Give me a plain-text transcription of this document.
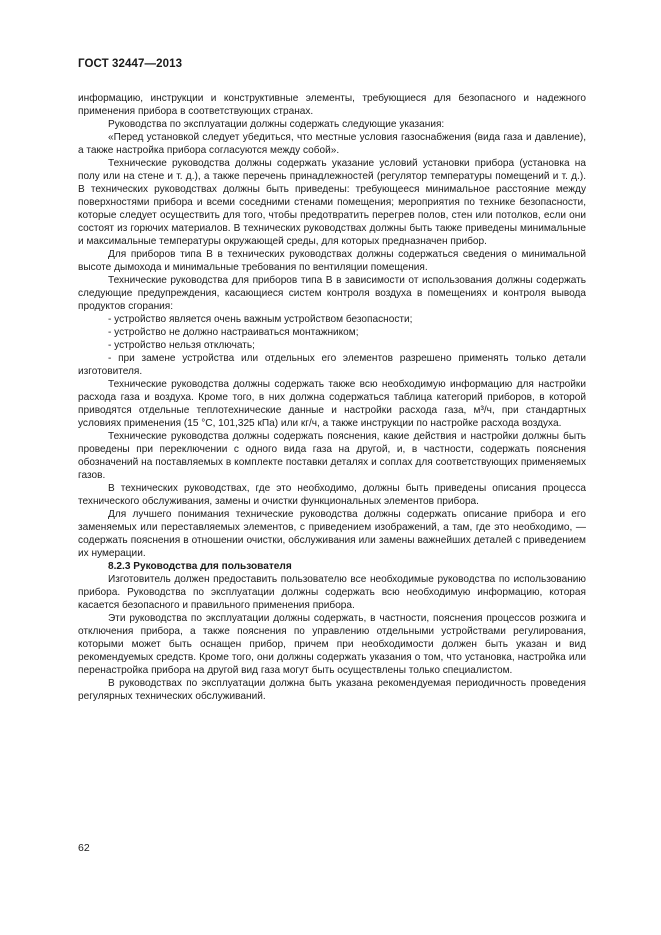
ГОСТ 32447—2013

информацию, инструкции и конструктивные элементы, требующиеся для безопасного и надежного применения прибора в соответствующих странах.

Руководства по эксплуатации должны содержать следующие указания:

«Перед установкой следует убедиться, что местные условия газоснабжения (вида газа и давление), а также настройка прибора согласуются между собой».

Технические руководства должны содержать указание условий установки прибора (установка на полу или на стене и т. д.), а также перечень принадлежностей (регулятор температуры помещений и т. д.). В технических руководствах должны быть приведены: требующееся минимальное расстояние между поверхностями прибора и всеми соседними стенами помещения; мероприятия по технике безопасности, которые следует осуществить для того, чтобы предотвратить перегрев полов, стен или потолков, если они состоят из горючих материалов. В технических руководствах должны быть также приведены минимальные и максимальные температуры окружающей среды, для которых предназначен прибор.

Для приборов типа В в технических руководствах должны содержаться сведения о минимальной высоте дымохода и минимальные требования по вентиляции помещения.

Технические руководства для приборов типа В в зависимости от использования должны содержать следующие предупреждения, касающиеся систем контроля воздуха в помещениях и контроля вывода продуктов сгорания:

- устройство является очень важным устройством безопасности;

- устройство не должно настраиваться монтажником;

- устройство нельзя отключать;

- при замене устройства или отдельных его элементов разрешено применять только детали изготовителя.

Технические руководства должны содержать также всю необходимую информацию для настройки расхода газа и воздуха. Кроме того, в них должна содержаться таблица категорий приборов, в которой приводятся отдельные теплотехнические данные и настройки расхода газа, м³/ч, при стандартных условиях применения (15 °С, 101,325 кПа) или кг/ч, а также инструкции по настройке расхода воздуха.

Технические руководства должны содержать пояснения, какие действия и настройки должны быть проведены при переключении с одного вида газа на другой, и, в частности, содержать пояснения обозначений на поставляемых в комплекте поставки деталях и соплах для соответствующих применяемых газов.

В технических руководствах, где это необходимо, должны быть приведены описания процесса технического обслуживания, замены и очистки функциональных элементов прибора.

Для лучшего понимания технические руководства должны содержать описание прибора и его заменяемых или переставляемых элементов, с приведением изображений, а там, где это необходимо, — содержать пояснения в отношении очистки, обслуживания или замены важнейших деталей с приведением их нумерации.

8.2.3 Руководства для пользователя

Изготовитель должен предоставить пользователю все необходимые руководства по использованию прибора. Руководства по эксплуатации должны содержать всю необходимую информацию, которая касается безопасного и правильного применения прибора.

Эти руководства по эксплуатации должны содержать, в частности, пояснения процессов розжига и отключения прибора, а также пояснения по управлению отдельными устройствами регулирования, которыми может быть оснащен прибор, причем при необходимости должен быть указан и вид рекомендуемых средств. Кроме того, они должны содержать указания о том, что установка, настройка или перенастройка прибора на другой вид газа могут быть осуществлены только специалистом.

В руководствах по эксплуатации должна быть указана рекомендуемая периодичность проведения регулярных технических обслуживаний.

62
